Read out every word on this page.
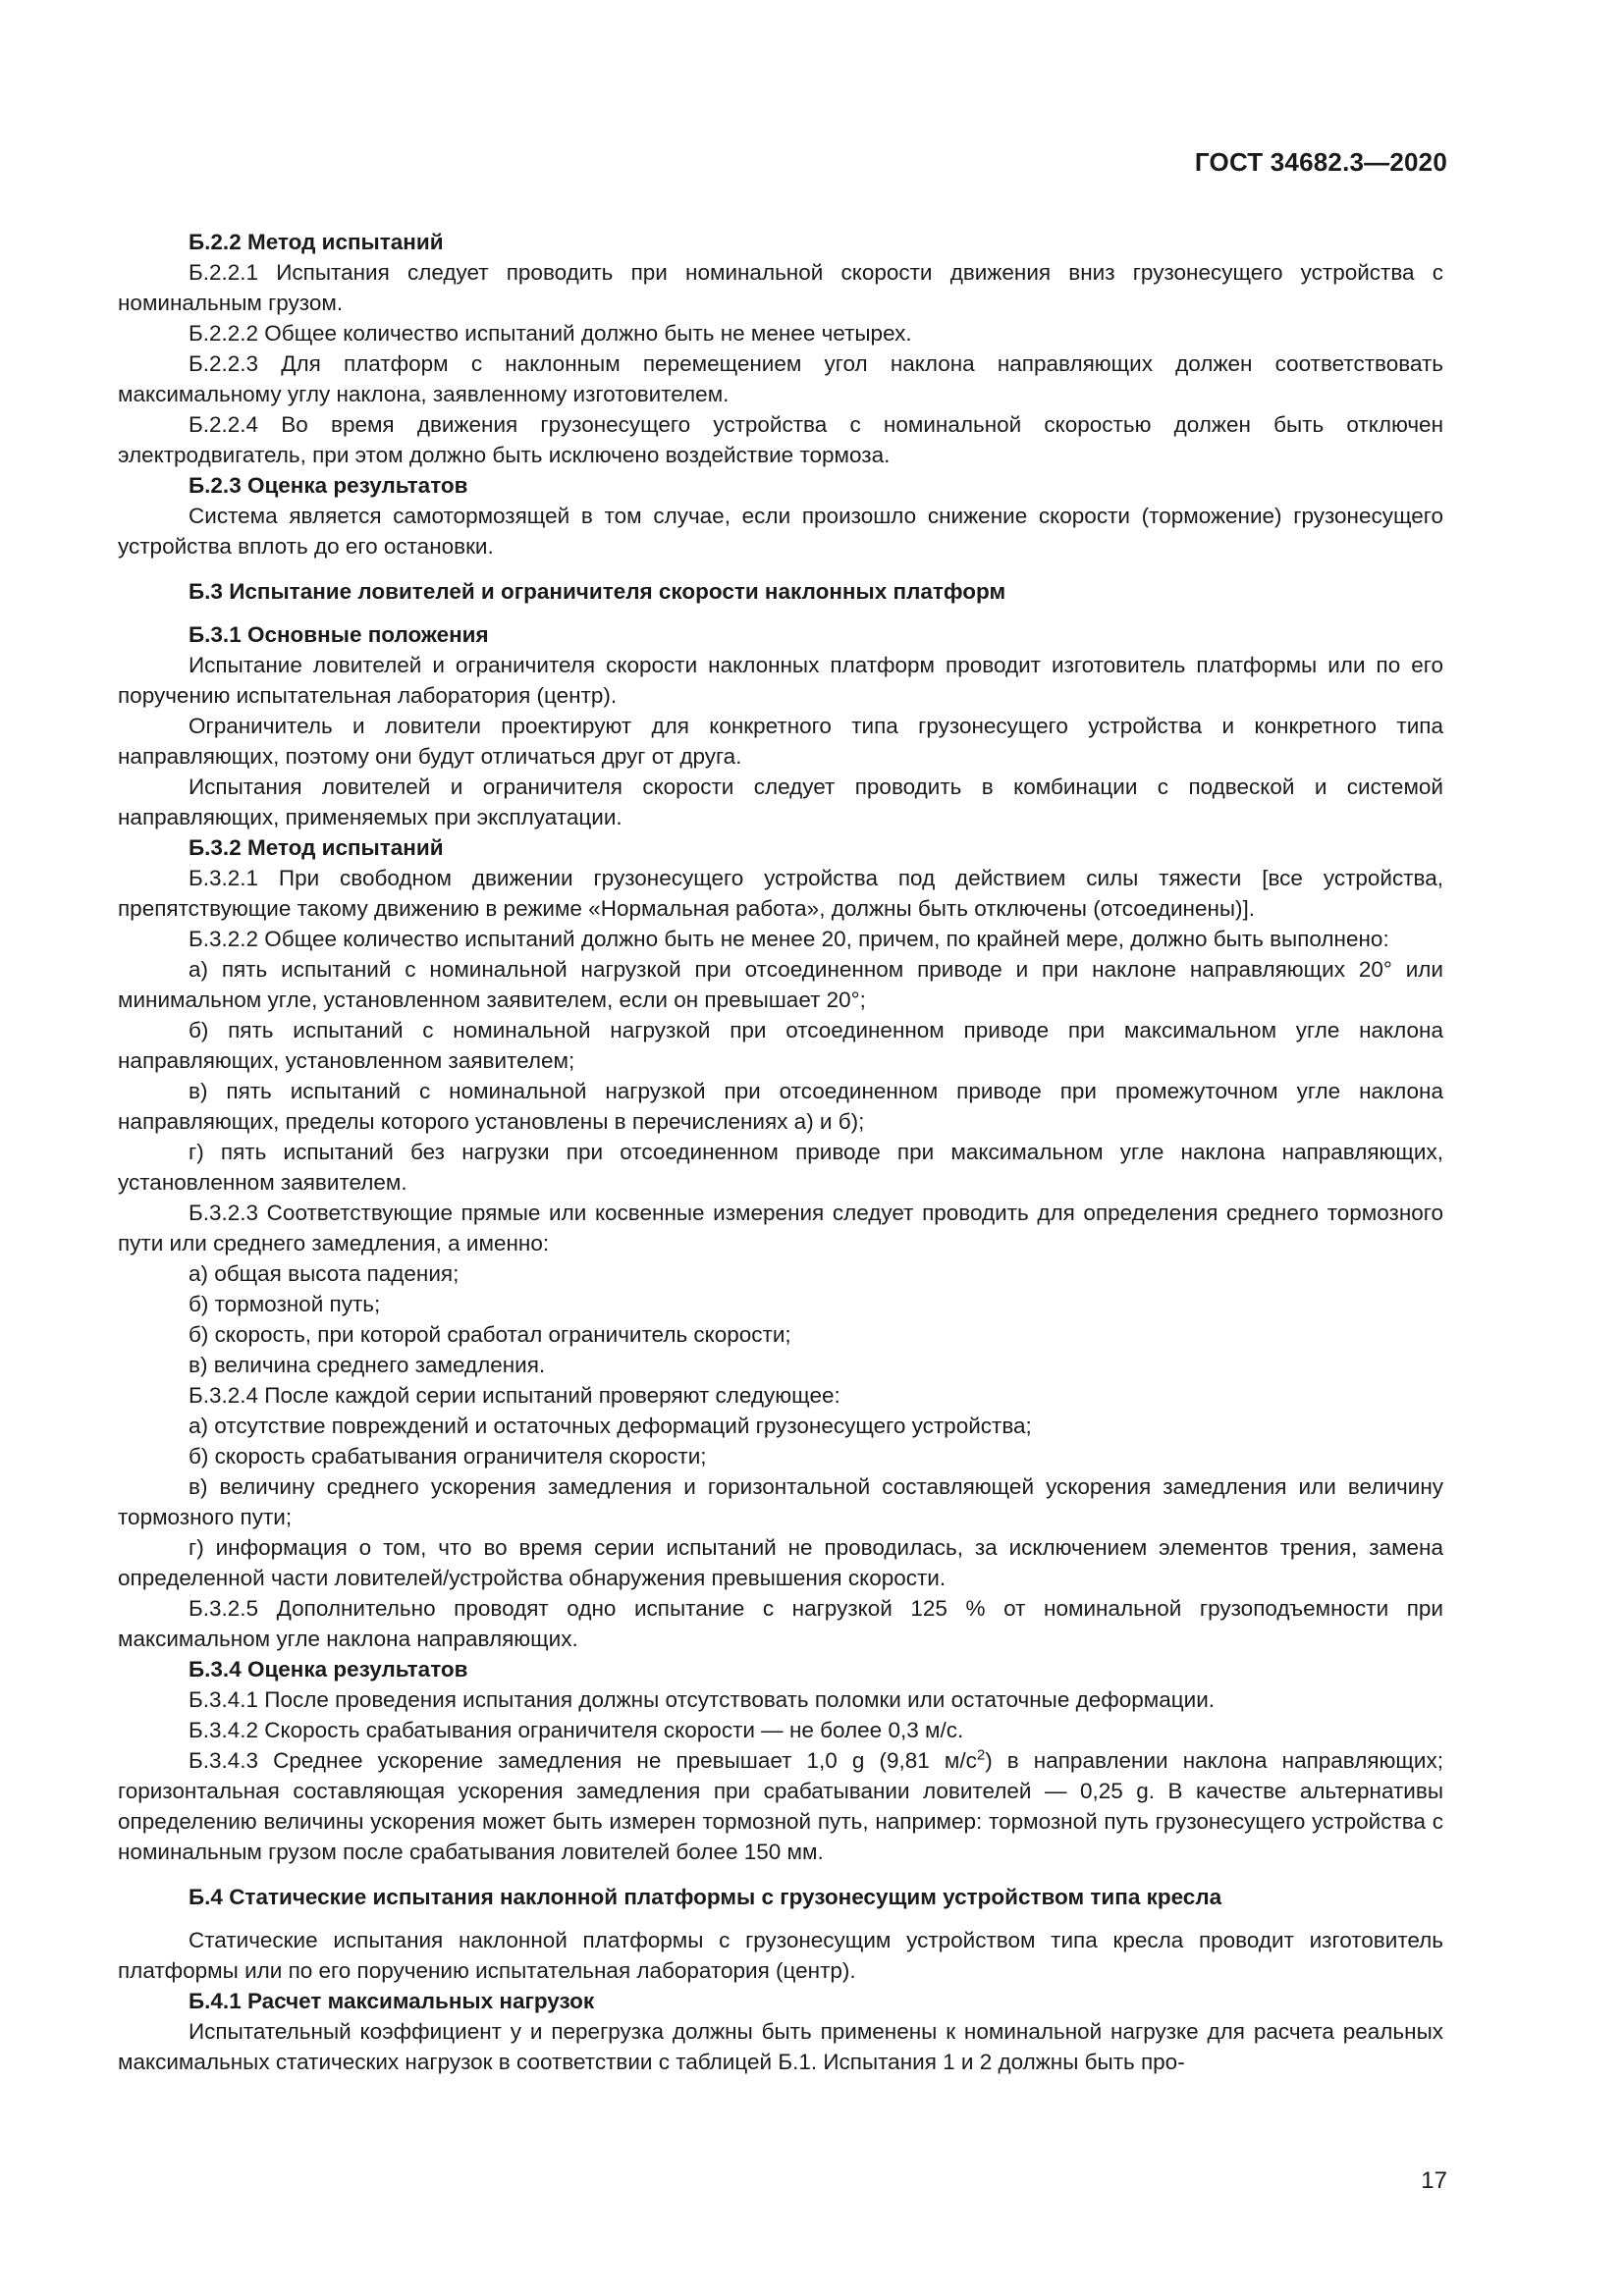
ГОСТ 34682.3—2020

Б.2.2 Метод испытаний

Б.2.2.1 Испытания следует проводить при номинальной скорости движения вниз грузонесущего устройства с номинальным грузом.

Б.2.2.2 Общее количество испытаний должно быть не менее четырех.

Б.2.2.3 Для платформ с наклонным перемещением угол наклона направляющих должен соответствовать максимальному углу наклона, заявленному изготовителем.

Б.2.2.4 Во время движения грузонесущего устройства с номинальной скоростью должен быть отключен электродвигатель, при этом должно быть исключено воздействие тормоза.

Б.2.3 Оценка результатов

Система является самотормозящей в том случае, если произошло снижение скорости (торможение) грузонесущего устройства вплоть до его остановки.

Б.3 Испытание ловителей и ограничителя скорости наклонных платформ

Б.3.1 Основные положения

Испытание ловителей и ограничителя скорости наклонных платформ проводит изготовитель платформы или по его поручению испытательная лаборатория (центр).

Ограничитель и ловители проектируют для конкретного типа грузонесущего устройства и конкретного типа направляющих, поэтому они будут отличаться друг от друга.

Испытания ловителей и ограничителя скорости следует проводить в комбинации с подвеской и системой направляющих, применяемых при эксплуатации.

Б.3.2 Метод испытаний

Б.3.2.1 При свободном движении грузонесущего устройства под действием силы тяжести [все устройства, препятствующие такому движению в режиме «Нормальная работа», должны быть отключены (отсоединены)].

Б.3.2.2 Общее количество испытаний должно быть не менее 20, причем, по крайней мере, должно быть выполнено:

а) пять испытаний с номинальной нагрузкой при отсоединенном приводе и при наклоне направляющих 20° или минимальном угле, установленном заявителем, если он превышает 20°;

б) пять испытаний с номинальной нагрузкой при отсоединенном приводе при максимальном угле наклона направляющих, установленном заявителем;

в) пять испытаний с номинальной нагрузкой при отсоединенном приводе при промежуточном угле наклона направляющих, пределы которого установлены в перечислениях а) и б);

г) пять испытаний без нагрузки при отсоединенном приводе при максимальном угле наклона направляющих, установленном заявителем.

Б.3.2.3 Соответствующие прямые или косвенные измерения следует проводить для определения среднего тормозного пути или среднего замедления, а именно:

а) общая высота падения;

б) тормозной путь;

б) скорость, при которой сработал ограничитель скорости;

в) величина среднего замедления.

Б.3.2.4 После каждой серии испытаний проверяют следующее:

а) отсутствие повреждений и остаточных деформаций грузонесущего устройства;

б) скорость срабатывания ограничителя скорости;

в) величину среднего ускорения замедления и горизонтальной составляющей ускорения замедления или величину тормозного пути;

г) информация о том, что во время серии испытаний не проводилась, за исключением элементов трения, замена определенной части ловителей/устройства обнаружения превышения скорости.

Б.3.2.5 Дополнительно проводят одно испытание с нагрузкой 125 % от номинальной грузоподъемности при максимальном угле наклона направляющих.

Б.3.4 Оценка результатов

Б.3.4.1 После проведения испытания должны отсутствовать поломки или остаточные деформации.

Б.3.4.2 Скорость срабатывания ограничителя скорости — не более 0,3 м/с.

Б.3.4.3 Среднее ускорение замедления не превышает 1,0 g (9,81 $м/с^2$) в направлении наклона направляющих; горизонтальная составляющая ускорения замедления при срабатывании ловителей — 0,25 g. В качестве альтернативы определению величины ускорения может быть измерен тормозной путь, например: тормозной путь грузонесущего устройства с номинальным грузом после срабатывания ловителей более 150 мм.

Б.4 Статические испытания наклонной платформы с грузонесущим устройством типа кресла

Статические испытания наклонной платформы с грузонесущим устройством типа кресла проводит изготовитель платформы или по его поручению испытательная лаборатория (центр).

Б.4.1 Расчет максимальных нагрузок

Испытательный коэффициент y и перегрузка должны быть применены к номинальной нагрузке для расчета реальных максимальных статических нагрузок в соответствии с таблицей Б.1. Испытания 1 и 2 должны быть про-

17
